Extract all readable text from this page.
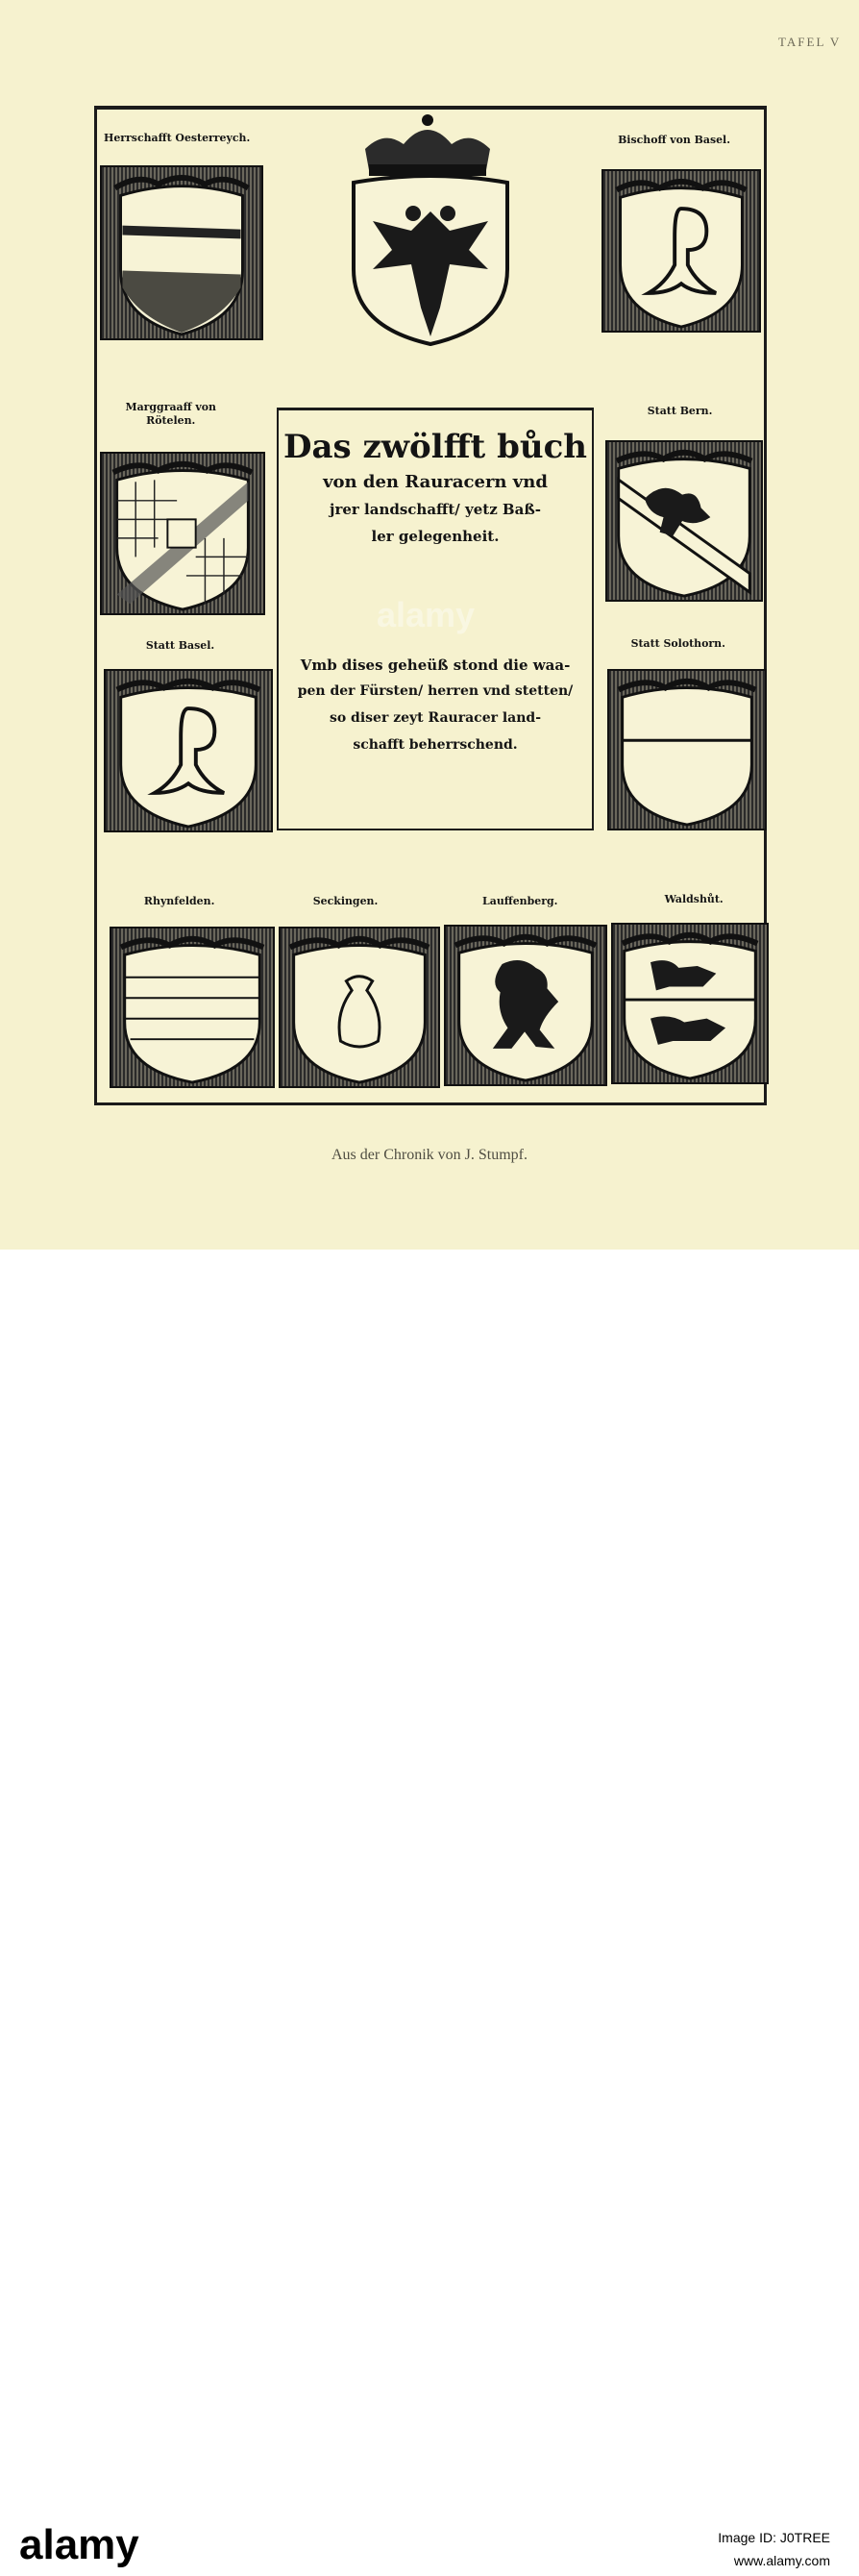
TAFEL V
Herrschafft Oesterreych.	Bischoff von Basel.
Marggraaff von
Rötelen.
Statt Bern.
Das zwölfft bůch
von den Rauracern vnd
jrer landschafft/ yetz Baß-
ler gelegenheit.
Vmb dises geheüß stond die waa-
pen der Fürsten/ herren vnd stetten/
so diser zeyt Rauracer land-
schafft beherrschend.
Statt Basel.	Statt Solothorn.
Rhynfelden.	Seckingen.	Lauffenberg.	Waldshůt.
Aus der Chronik von J. Stumpf.
alamy
alamy	Image ID: J0TREE
www.alamy.com
